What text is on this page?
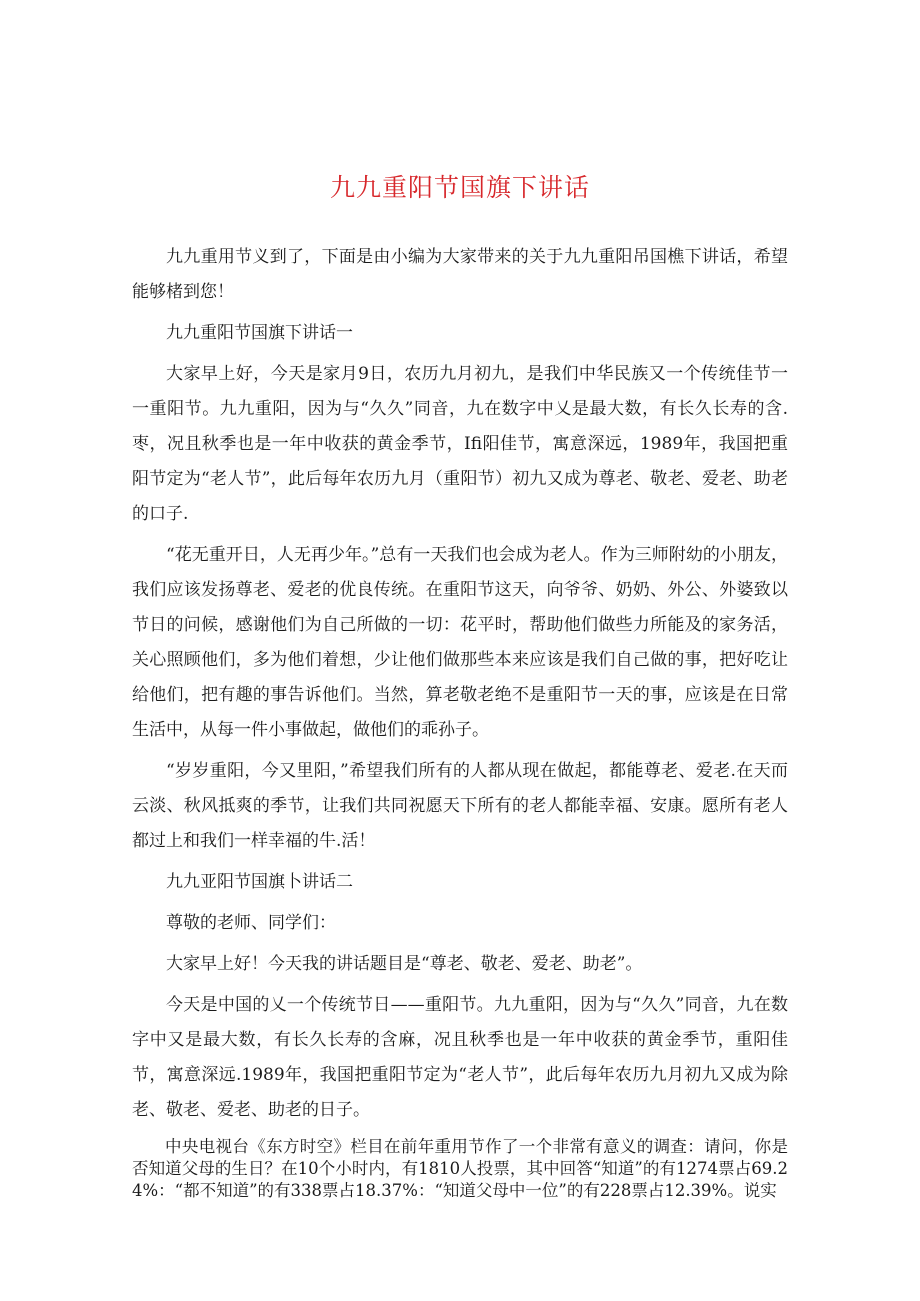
九九重阳节国旗下讲话

九九重用节义到了，下面是由小编为大家带来的关于九九重阳吊国樵下讲话，希望能够楮到您！

九九重阳节国旗下讲话一

大家早上好，今天是家月9日，农历九月初九，是我们中华民族又一个传统佳节一一重阳节。九九重阳，因为与“久久”同音，九在数字中乂是最大数，有长久长寿的含.枣，况且秋季也是一年中收获的黄金季节，Ifi阳佳节，寓意深远，1989年，我国把重阳节定为“老人节”，此后每年农历九月（重阳节）初九又成为尊老、敬老、爱老、助老的口子.

“花无重开日，人无再少年。”总有一天我们也会成为老人。作为三师附幼的小朋友，我们应该发扬尊老、爱老的优良传统。在重阳节这天，向爷爷、奶奶、外公、外婆致以节日的问候，感谢他们为自己所做的一切：花平时，帮助他们做些力所能及的家务活，关心照顾他们，多为他们着想，少让他们做那些本来应该是我们自己做的事，把好吃让给他们，把有趣的事告诉他们。当然，算老敬老绝不是重阳节一天的事，应该是在日常生活中，从每一件小事做起，做他们的乖孙子。

“岁岁重阳，今又里阳，”希望我们所有的人都从现在做起，都能尊老、爱老.在天而云淡、秋风抵爽的季节，让我们共同祝愿天下所有的老人都能幸福、安康。愿所有老人都过上和我们一样幸福的牛.活！

九九亚阳节国旗卜讲话二

尊敬的老师、同学们：

大家早上好！今天我的讲话题目是“尊老、敬老、爱老、助老”。

今天是中国的乂一个传统节日——重阳节。九九重阳，因为与“久久”同音，九在数字中又是最大数，有长久长寿的含麻，况且秋季也是一年中收获的黄金季节，重阳佳节，寓意深远.1989年，我国把重阳节定为“老人节”，此后每年农历九月初九又成为除老、敬老、爱老、助老的日子。

中央电视台《东方时空》栏目在前年重用节作了一个非常有意义的调查：请问，你是否知道父母的生日？在10个小时内，有1810人投票，其中回答“知道”的有1274票占69.24%：“都不知道”的有338票占18.37%：“知道父母中一位”的有228票占12.39%。说实
